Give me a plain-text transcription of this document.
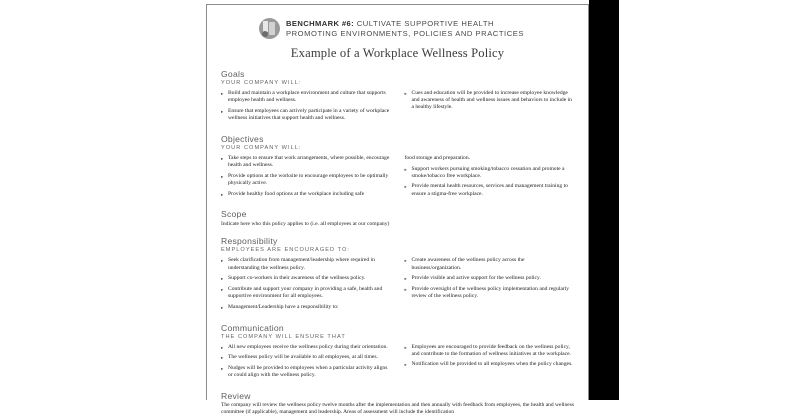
BENCHMARK #6: CULTIVATE SUPPORTIVE HEALTH
PROMOTING ENVIRONMENTS, POLICIES AND PRACTICES
Example of a Workplace Wellness Policy
Goals
YOUR COMPANY WILL:
▸ Build and maintain a workplace environment and culture that supports employee health and wellness.
▸ Ensure that employees can actively participate in a variety of workplace wellness initiatives that support health and wellness.
▸ Cues and education will be provided to increase employee knowledge and awareness of health and wellness issues and behaviors to include in a healthy lifestyle.
Objectives
YOUR COMPANY WILL:
▸ Take steps to ensure that work arrangements, where possible, encourage health and wellness.
▸ Provide options at the worksite to encourage employees to be optimally physically active.
▸ Provide healthy food options at the workplace including safe
food storage and preparation.
▸ Support workers pursuing smoking/tobacco cessation and promote a smoke/tobacco free workplace.
▸ Provide mental health resources, services and management training to ensure a stigma-free workplace.
Scope
Indicate here who this policy applies to (i.e. all employees at our company)
Responsibility
EMPLOYEES ARE ENCOURAGED TO:
▸ Seek clarification from management/leadership where required in understanding the wellness policy.
▸ Support co-workers in their awareness of the wellness policy.
▸ Contribute and support your company in providing a safe, health and supportive environment for all employees.
▸ Management/Leadership have a responsibility to:
▸ Create awareness of the wellness policy across the business/organization.
▸ Provide visible and active support for the wellness policy.
▸ Provide oversight of the wellness policy implementation and regularly review of the wellness policy.
Communication
THE COMPANY WILL ENSURE THAT
▸ All new employees receive the wellness policy during their orientation.
▸ The wellness policy will be available to all employees, at all times.
▸ Nudges will be provided to employees when a particular activity aligns or could align with the wellness policy.
▸ Employees are encouraged to provide feedback on the wellness policy, and contribute to the formation of wellness initiatives at the workplace.
▸ Notification will be provided to all employees when the policy changes.
Review
The company will review the wellness policy twelve months after the implementation and then annually with feedback from employees, the health and wellness committee (if applicable), management and leadership. Areas of assessment will include the identification
